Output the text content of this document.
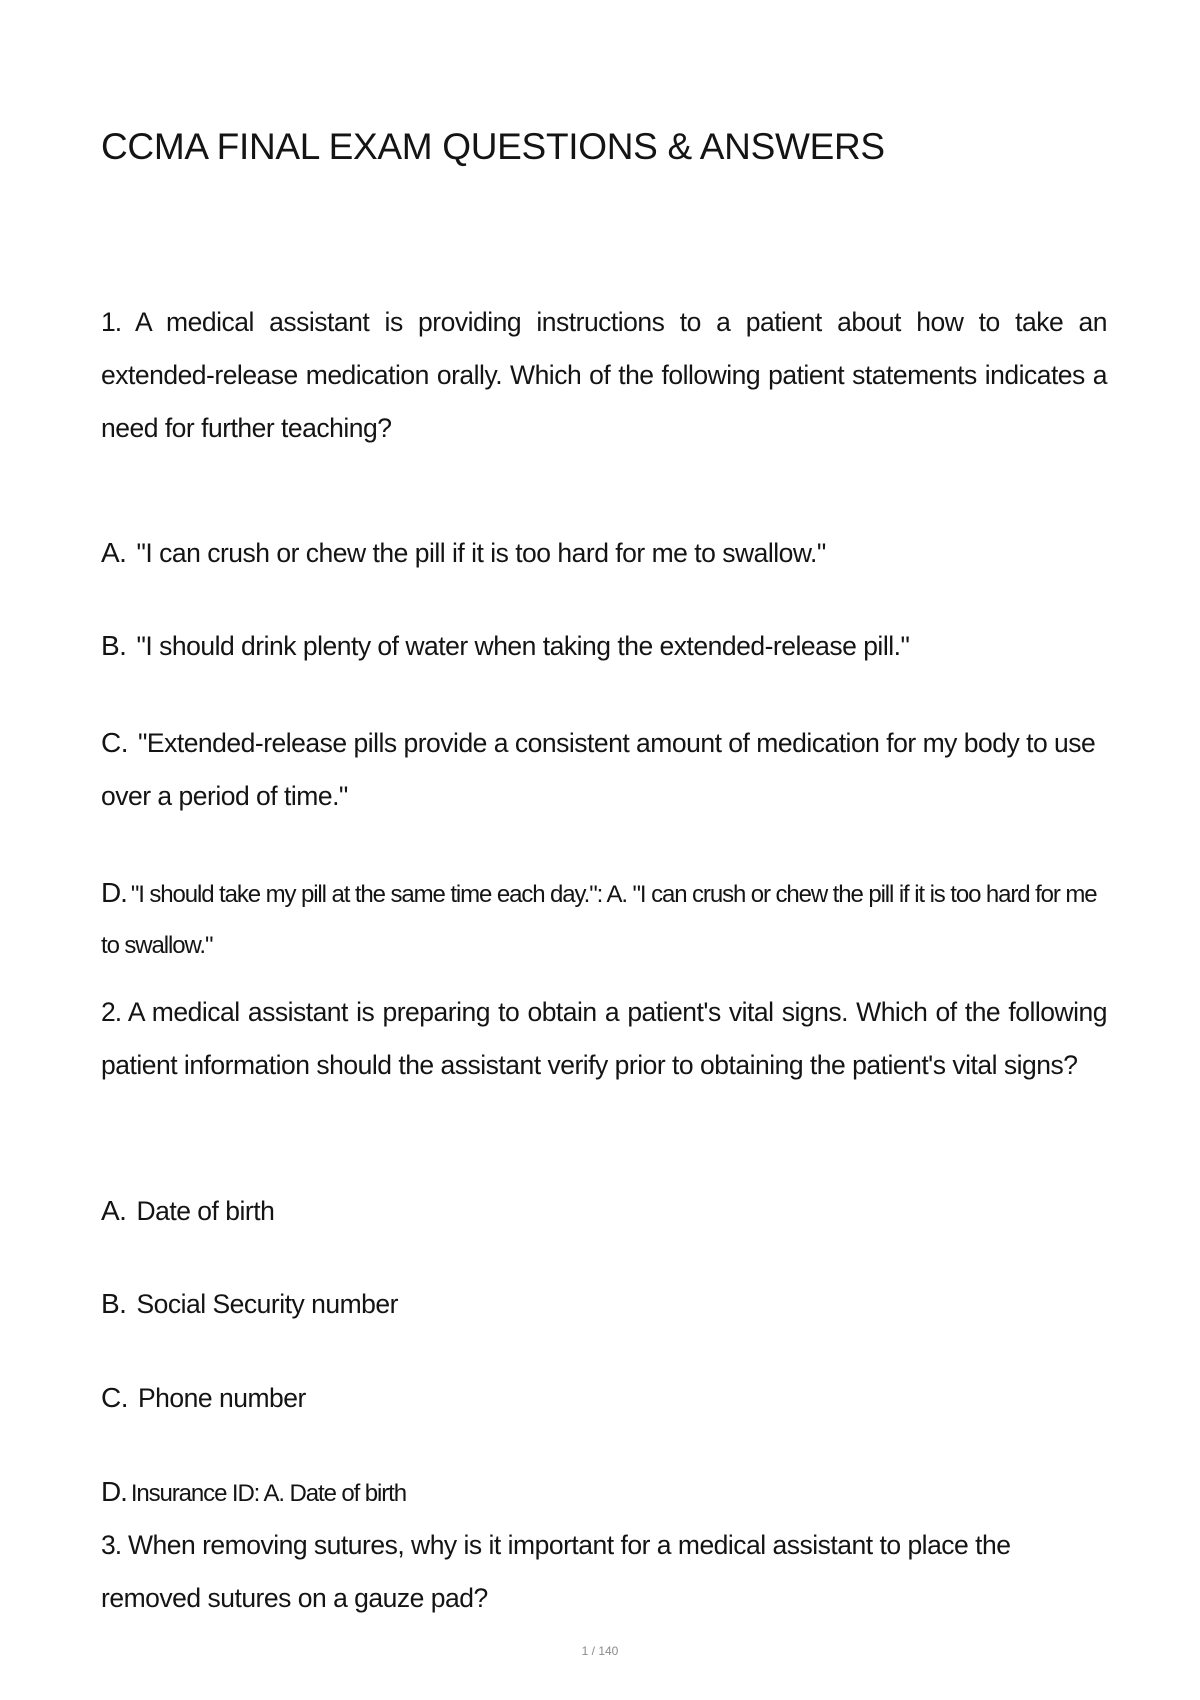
CCMA FINAL EXAM QUESTIONS & ANSWERS
1. A medical assistant is providing instructions to a patient about how to take an extended-release medication orally. Which of the following patient statements indicates a need for further teaching?
A. "I can crush or chew the pill if it is too hard for me to swallow."
B. "I should drink plenty of water when taking the extended-release pill."
C. "Extended-release pills provide a consistent amount of medication for my body to use over a period of time."
D. "I should take my pill at the same time each day.": A. "I can crush or chew the pill if it is too hard for me to swallow."
2. A medical assistant is preparing to obtain a patient's vital signs. Which of the following patient information should the assistant verify prior to obtaining the patient's vital signs?
A. Date of birth
B. Social Security number
C. Phone number
D. Insurance ID: A. Date of birth
3. When removing sutures, why is it important for a medical assistant to place the removed sutures on a gauze pad?
1 / 140
